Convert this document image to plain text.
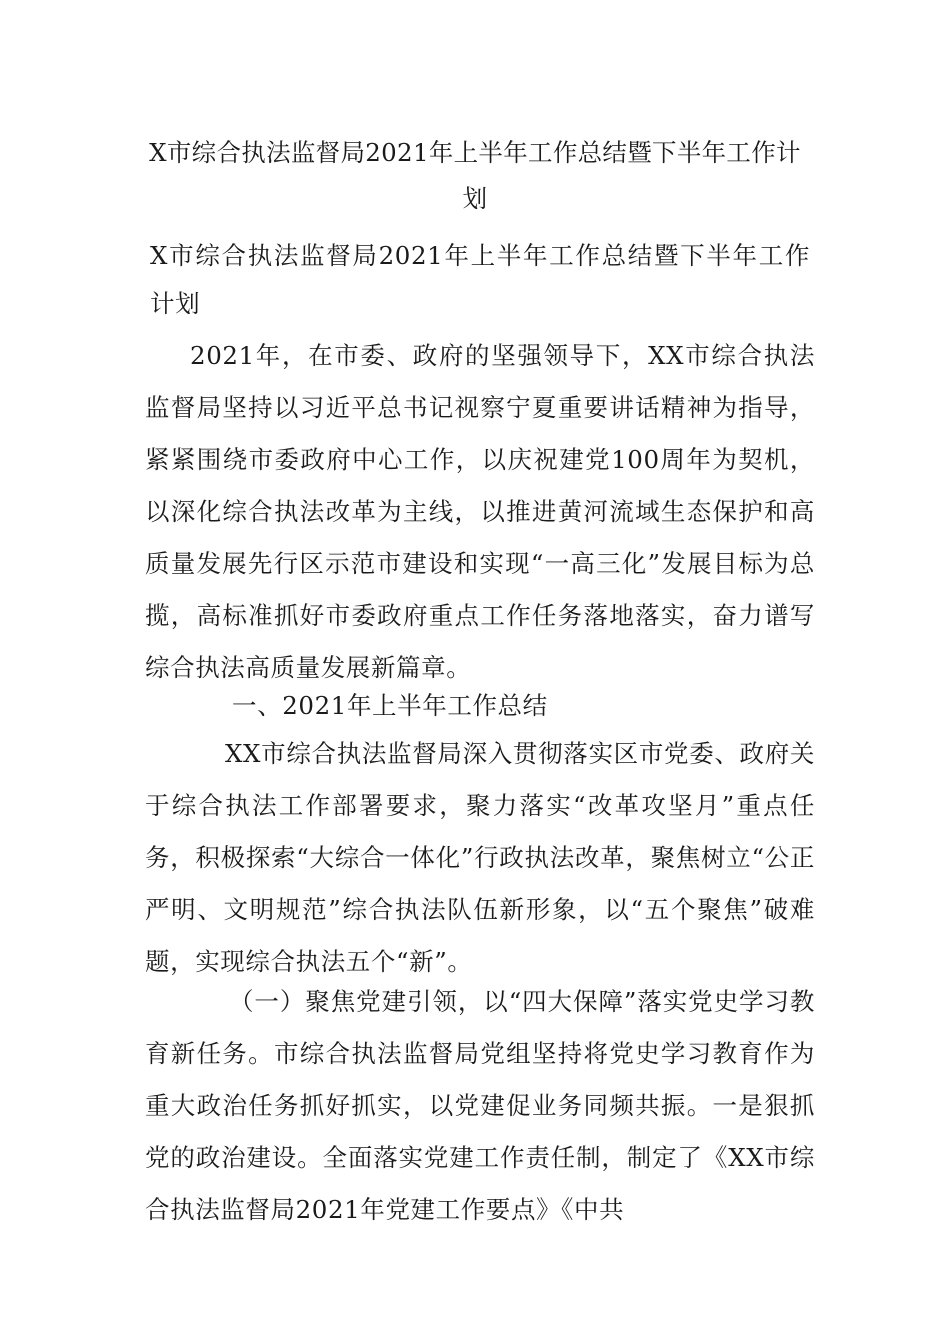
X市综合执法监督局2021年上半年工作总结暨下半年工作计划
X市综合执法监督局2021年上半年工作总结暨下半年工作计划
2021年，在市委、政府的坚强领导下，XX市综合执法监督局坚持以习近平总书记视察宁夏重要讲话精神为指导，紧紧围绕市委政府中心工作，以庆祝建党100周年为契机，以深化综合执法改革为主线，以推进黄河流域生态保护和高质量发展先行区示范市建设和实现“一高三化”发展目标为总揽，高标准抓好市委政府重点工作任务落地落实，奋力谱写综合执法高质量发展新篇章。
一、2021年上半年工作总结
XX市综合执法监督局深入贯彻落实区市党委、政府关于综合执法工作部署要求，聚力落实“改革攻坚月”重点任务，积极探索“大综合一体化”行政执法改革，聚焦树立“公正严明、文明规范”综合执法队伍新形象，以“五个聚焦”破难题，实现综合执法五个“新”。
（一）聚焦党建引领，以“四大保障”落实党史学习教育新任务。市综合执法监督局党组坚持将党史学习教育作为重大政治任务抓好抓实，以党建促业务同频共振。一是狠抓党的政治建设。全面落实党建工作责任制，制定了《XX市综合执法监督局2021年党建工作要点》《中共
